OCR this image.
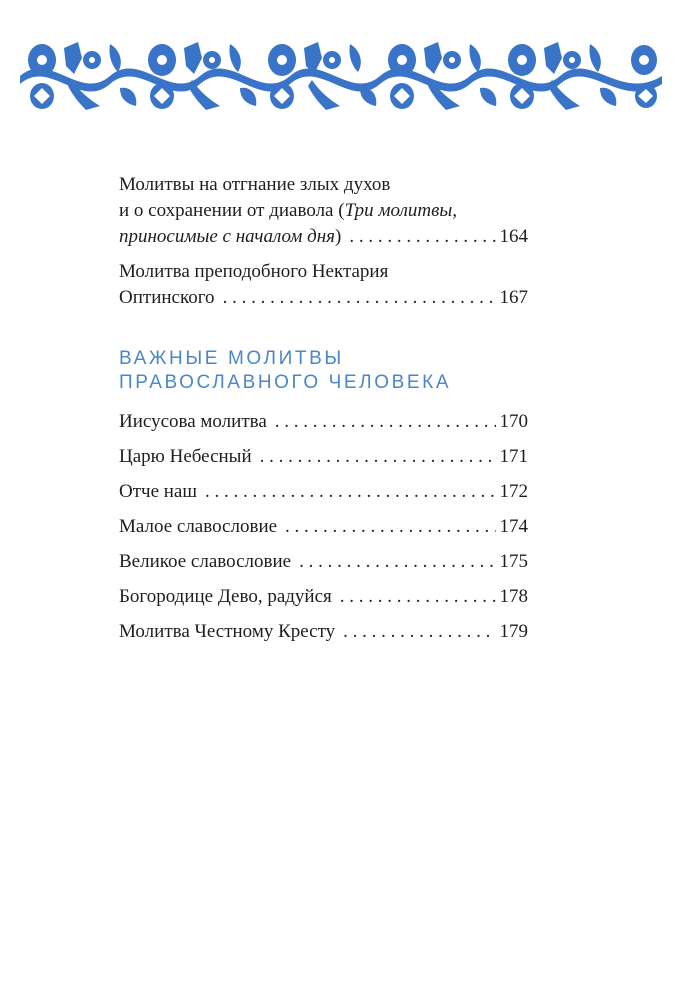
Молитвы на отгнание злых духов
и о сохранении от диавола (Три молитвы,
приносимые с началом дня) . . .	164
Молитва преподобного Нектария
Оптинского . . .	167
ВАЖНЫЕ МОЛИТВЫ
ПРАВОСЛАВНОГО ЧЕЛОВЕКА
Иисусова молитва . . .	170
Царю Небесный . . .	171
Отче наш . . .	172
Малое славословие . . .	174
Великое славословие . . .	175
Богородице Дево, радуйся . . .	178
Молитва Честному Кресту . . .	179
